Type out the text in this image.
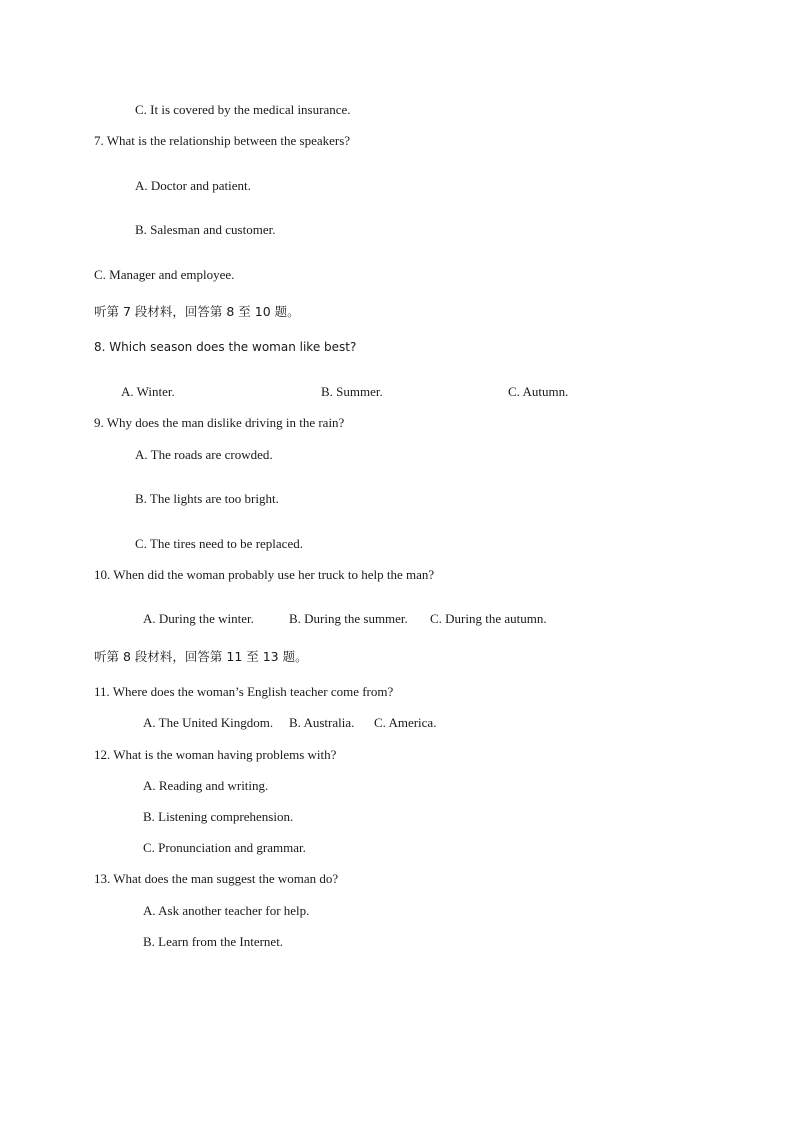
C. It is covered by the medical insurance.
7. What is the relationship between the speakers?
A. Doctor and patient.
B. Salesman and customer.
C. Manager and employee.
听第 7 段材料，回答第 8 至 10 题。
8. Which season does the woman like best?
A. Winter.	B. Summer.	C. Autumn.
9. Why does the man dislike driving in the rain?
A. The roads are crowded.
B. The lights are too bright.
C. The tires need to be replaced.
10. When did the woman probably use her truck to help the man?
A. During the winter.	B. During the summer. C. During the autumn.
听第 8 段材料，回答第 11 至 13 题。
11. Where does the woman’s English teacher come from?
A. The United Kingdom. B. Australia. C. America.
12. What is the woman having problems with?
A. Reading and writing.
B. Listening comprehension.
C. Pronunciation and grammar.
13. What does the man suggest the woman do?
A. Ask another teacher for help.
B. Learn from the Internet.
